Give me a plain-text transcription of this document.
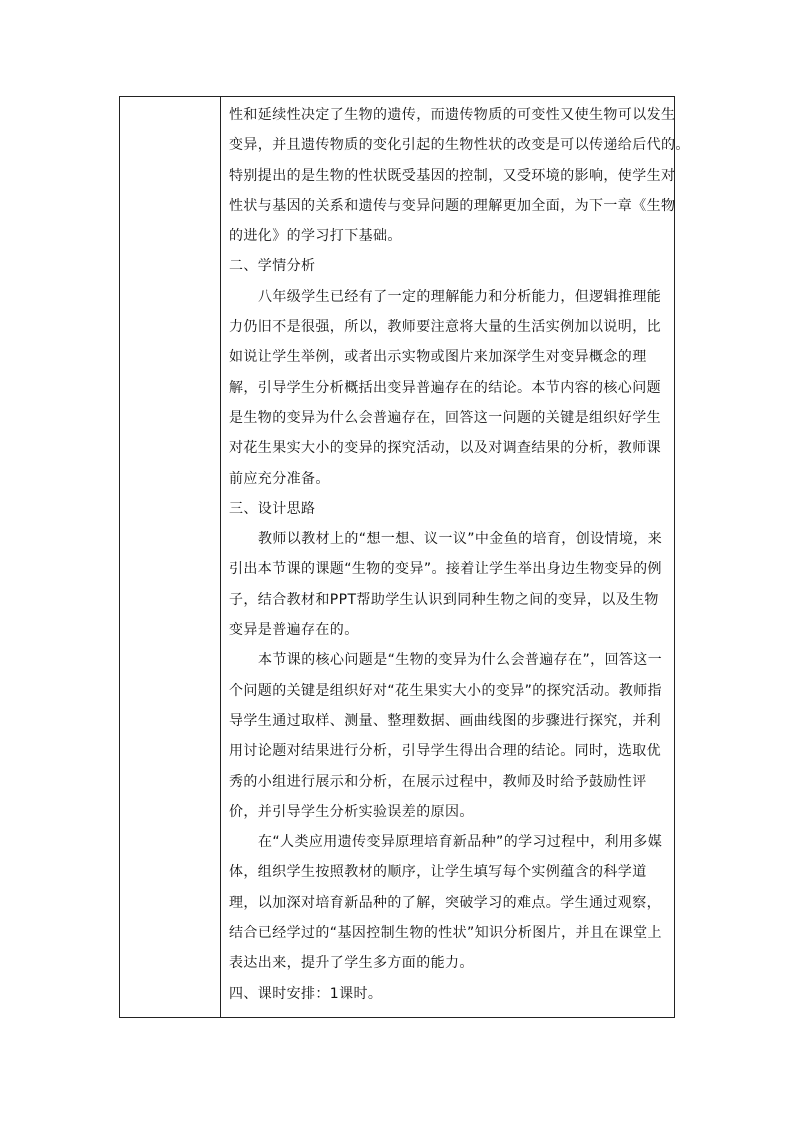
性和延续性决定了生物的遗传，而遗传物质的可变性又使生物可以发生
变异，并且遗传物质的变化引起的生物性状的改变是可以传递给后代的。
特别提出的是生物的性状既受基因的控制，又受环境的影响，使学生对
性状与基因的关系和遗传与变异问题的理解更加全面，为下一章《生物
的进化》的学习打下基础。

二、学情分析

八年级学生已经有了一定的理解能力和分析能力，但逻辑推理能力仍旧不是很强，所以，教师要注意将大量的生活实例加以说明，比如说让学生举例，或者出示实物或图片来加深学生对变异概念的理解，引导学生分析概括出变异普遍存在的结论。本节内容的核心问题是生物的变异为什么会普遍存在，回答这一问题的关键是组织好学生对花生果实大小的变异的探究活动，以及对调查结果的分析，教师课前应充分准备。

三、设计思路

教师以教材上的“想一想、议一议”中金鱼的培育，创设情境，来引出本节课的课题“生物的变异”。接着让学生举出身边生物变异的例子，结合教材和PPT帮助学生认识到同种生物之间的变异，以及生物变异是普遍存在的。

本节课的核心问题是“生物的变异为什么会普遍存在”，回答这一个问题的关键是组织好对“花生果实大小的变异”的探究活动。教师指导学生通过取样、测量、整理数据、画曲线图的步骤进行探究，并利用讨论题对结果进行分析，引导学生得出合理的结论。同时，选取优秀的小组进行展示和分析，在展示过程中，教师及时给予鼓励性评价，并引导学生分析实验误差的原因。

在“人类应用遗传变异原理培育新品种”的学习过程中，利用多媒体，组织学生按照教材的顺序，让学生填写每个实例蕴含的科学道理，以加深对培育新品种的了解，突破学习的难点。学生通过观察，结合已经学过的“基因控制生物的性状”知识分析图片，并且在课堂上表达出来，提升了学生多方面的能力。

四、课时安排：1课时。
